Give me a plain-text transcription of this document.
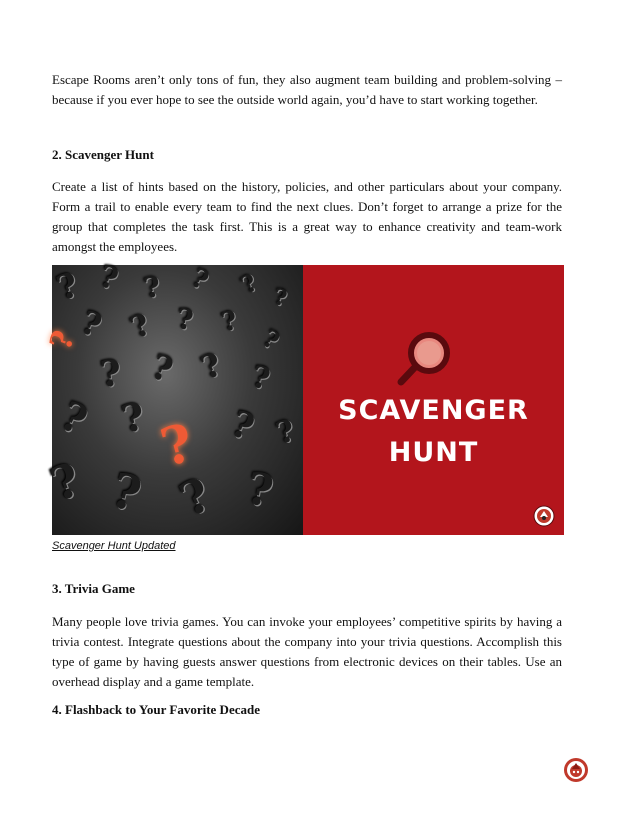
Escape Rooms aren’t only tons of fun, they also augment team building and problem-solving – because if you ever hope to see the outside world again, you’d have to start working together.

2. Scavenger Hunt

Create a list of hints based on the history, policies, and other particulars about your company. Form a trail to enable every team to find the next clues. Don’t forget to arrange a prize for the group that completes the task first. This is a great way to enhance creativity and team-work amongst the employees.

? ? ? ? ? ?
? ? ? ?
?
?
? ? ? ?
? ? ? ?
?
? ? ? ?

SCAVENGER

HUNT

Scavenger Hunt Updated

3. Trivia Game

Many people love trivia games. You can invoke your employees’ competitive spirits by having a trivia contest. Integrate questions about the company into your trivia questions. Accomplish this type of game by having guests answer questions from electronic devices on their tables. Use an overhead display and a game template.

4. Flashback to Your Favorite Decade
